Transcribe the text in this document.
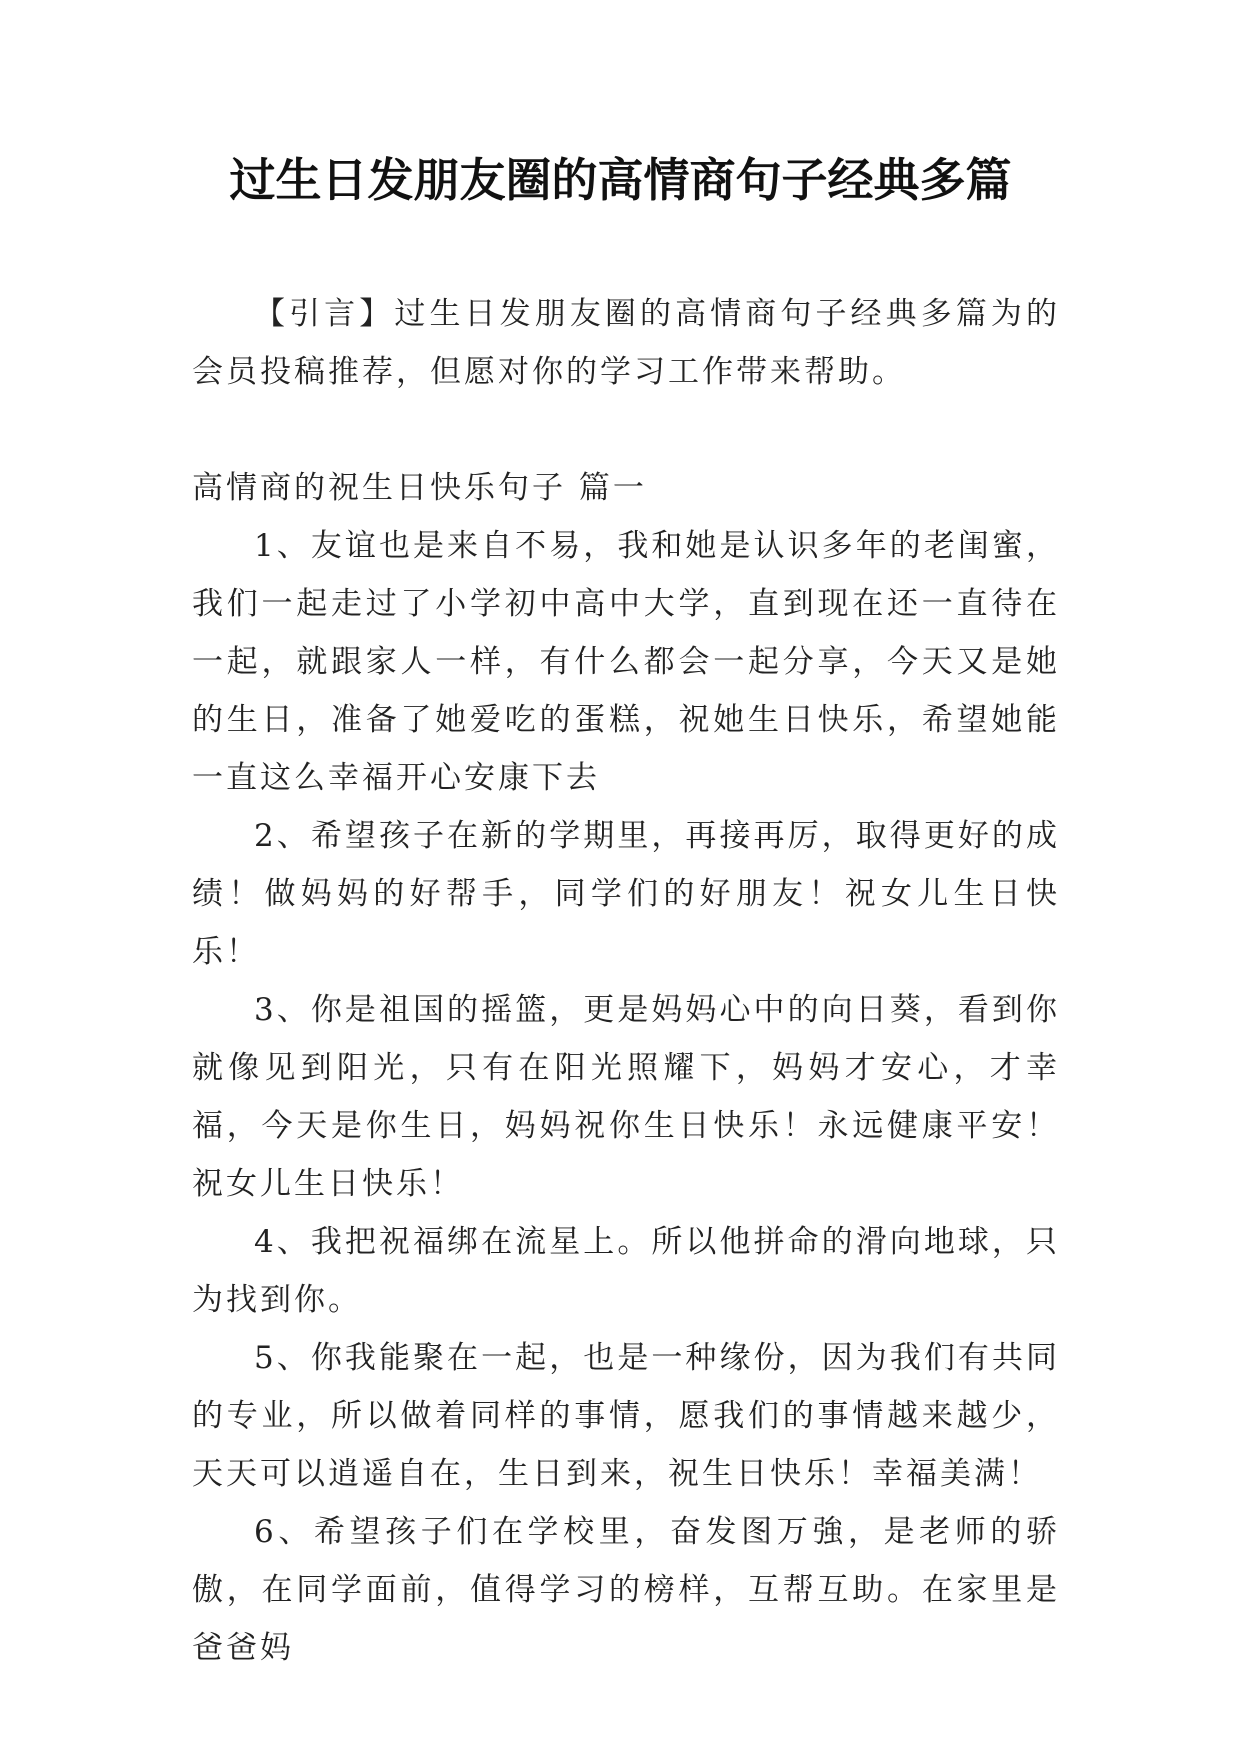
过生日发朋友圈的高情商句子经典多篇

【引言】过生日发朋友圈的高情商句子经典多篇为的会员投稿推荐，但愿对你的学习工作带来帮助。

高情商的祝生日快乐句子 篇一

1、友谊也是来自不易，我和她是认识多年的老闺蜜，我们一起走过了小学初中高中大学，直到现在还一直待在一起，就跟家人一样，有什么都会一起分享，今天又是她的生日，准备了她爱吃的蛋糕，祝她生日快乐，希望她能一直这么幸福开心安康下去

2、希望孩子在新的学期里，再接再厉，取得更好的成绩！做妈妈的好帮手，同学们的好朋友！祝女儿生日快乐！

3、你是祖国的摇篮，更是妈妈心中的向日葵，看到你就像见到阳光，只有在阳光照耀下，妈妈才安心，才幸福，今天是你生日，妈妈祝你生日快乐！永远健康平安！祝女儿生日快乐！

4、我把祝福绑在流星上。所以他拼命的滑向地球，只为找到你。

5、你我能聚在一起，也是一种缘份，因为我们有共同的专业，所以做着同样的事情，愿我们的事情越来越少，天天可以逍遥自在，生日到来，祝生日快乐！幸福美满！

6、希望孩子们在学校里，奋发图万強，是老师的骄傲，在同学面前，值得学习的榜样，互帮互助。在家里是爸爸妈
